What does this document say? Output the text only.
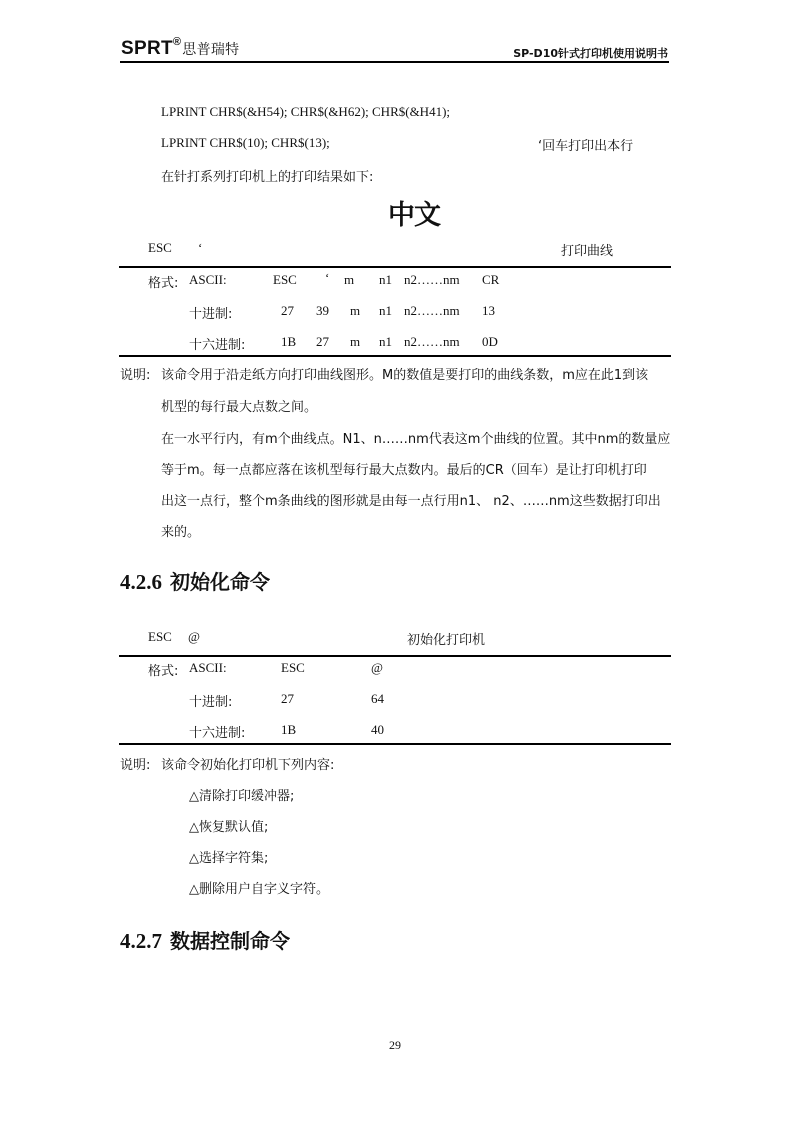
SPRT®思普瑞特	SP-D10针式打印机使用说明书
LPRINT CHR$(&H54); CHR$(&H62); CHR$(&H41);
LPRINT CHR$(10); CHR$(13);	‘回车打印出本行
在针打系列打印机上的打印结果如下:
中文
ESC ‘	打印曲线
格式: ASCII:	ESC ‘ m n1 n2……nm CR
十进制:	27 39 m n1 n2……nm 13
十六进制:	1B 27 m n1 n2……nm 0D
说明: 该命令用于沿走纸方向打印曲线图形。M的数值是要打印的曲线条数，m应在此1到该
机型的每行最大点数之间。
在一水平行内，有m个曲线点。N1、n……nm代表这m个曲线的位置。其中nm的数量应
等于m。每一点都应落在该机型每行最大点数内。最后的CR（回车）是让打印机打印
出这一点行，整个m条曲线的图形就是由每一点行用n1、 n2、……nm这些数据打印出
来的。
4.2.6 初始化命令
ESC @	初始化打印机
格式: ASCII:	ESC	@
十进制:	27	64
十六进制:	1B	40
说明: 该命令初始化打印机下列内容:
△清除打印缓冲器;
△恢复默认值;
△选择字符集;
△删除用户自字义字符。
4.2.7 数据控制命令
29
